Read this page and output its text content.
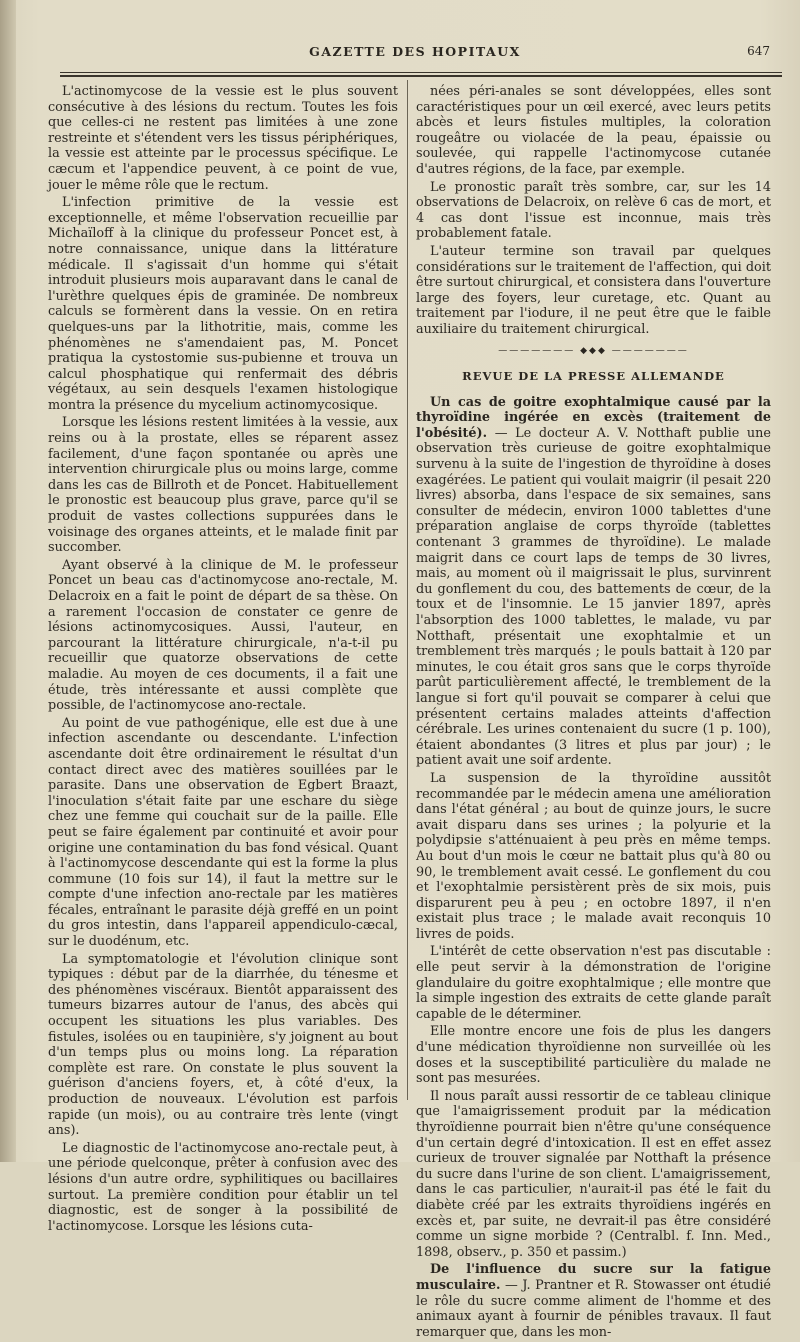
GAZETTE DES HOPITAUX	647

L'actinomycose de la vessie est le plus souvent consécutive à des lésions du rectum. Toutes les fois que celles-ci ne restent pas limitées à une zone restreinte et s'étendent vers les tissus périphériques, la vessie est atteinte par le processus spécifique. Le cæcum et l'appendice peuvent, à ce point de vue, jouer le même rôle que le rectum.

L'infection primitive de la vessie est exceptionnelle, et même l'observation recueillie par Michaïloff à la clinique du professeur Poncet est, à notre connaissance, unique dans la littérature médicale. Il s'agissait d'un homme qui s'était introduit plusieurs mois auparavant dans le canal de l'urèthre quelques épis de graminée. De nombreux calculs se formèrent dans la vessie. On en retira quelques-uns par la lithotritie, mais, comme les phénomènes ne s'amendaient pas, M. Poncet pratiqua la cystostomie sus-pubienne et trouva un calcul phosphatique qui renfermait des débris végétaux, au sein desquels l'examen histologique montra la présence du mycelium actinomycosique.

Lorsque les lésions restent limitées à la vessie, aux reins ou à la prostate, elles se réparent assez facilement, d'une façon spontanée ou après une intervention chirurgicale plus ou moins large, comme dans les cas de Billroth et de Poncet. Habituellement le pronostic est beaucoup plus grave, parce qu'il se produit de vastes collections suppurées dans le voisinage des organes atteints, et le malade finit par succomber.

Ayant observé à la clinique de M. le professeur Poncet un beau cas d'actinomycose ano-rectale, M. Delacroix en a fait le point de départ de sa thèse. On a rarement l'occasion de constater ce genre de lésions actinomycosiques. Aussi, l'auteur, en parcourant la littérature chirurgicale, n'a-t-il pu recueillir que quatorze observations de cette maladie. Au moyen de ces documents, il a fait une étude, très intéressante et aussi complète que possible, de l'actinomycose ano-rectale.

Au point de vue pathogénique, elle est due à une infection ascendante ou descendante. L'infection ascendante doit être ordinairement le résultat d'un contact direct avec des matières souillées par le parasite. Dans une observation de Egbert Braazt, l'inoculation s'était faite par une eschare du siège chez une femme qui couchait sur de la paille. Elle peut se faire également par continuité et avoir pour origine une contamination du bas fond vésical. Quant à l'actinomycose descendante qui est la forme la plus commune (10 fois sur 14), il faut la mettre sur le compte d'une infection ano-rectale par les matières fécales, entraînant le parasite déjà greffé en un point du gros intestin, dans l'appareil appendiculo-cæcal, sur le duodénum, etc.

La symptomatologie et l'évolution clinique sont typiques : début par de la diarrhée, du ténesme et des phénomènes viscéraux. Bientôt apparaissent des tumeurs bizarres autour de l'anus, des abcès qui occupent les situations les plus variables. Des fistules, isolées ou en taupinière, s'y joignent au bout d'un temps plus ou moins long. La réparation complète est rare. On constate le plus souvent la guérison d'anciens foyers, et, à côté d'eux, la production de nouveaux. L'évolution est parfois rapide (un mois), ou au contraire très lente (vingt ans).

Le diagnostic de l'actinomycose ano-rectale peut, à une période quelconque, prêter à confusion avec des lésions d'un autre ordre, syphilitiques ou bacillaires surtout. La première condition pour établir un tel diagnostic, est de songer à la possibilité de l'actinomycose. Lorsque les lésions cuta-

nées péri-anales se sont développées, elles sont caractéristiques pour un œil exercé, avec leurs petits abcès et leurs fistules multiples, la coloration rougeâtre ou violacée de la peau, épaissie ou soulevée, qui rappelle l'actinomycose cutanée d'autres régions, de la face, par exemple.

Le pronostic paraît très sombre, car, sur les 14 observations de Delacroix, on relève 6 cas de mort, et 4 cas dont l'issue est inconnue, mais très probablement fatale.

L'auteur termine son travail par quelques considérations sur le traitement de l'affection, qui doit être surtout chirurgical, et consistera dans l'ouverture large des foyers, leur curetage, etc. Quant au traitement par l'iodure, il ne peut être que le faible auxiliaire du traitement chirurgical.

——————— ◆◆◆ ———————
REVUE DE LA PRESSE ALLEMANDE

Un cas de goitre exophtalmique causé par la thyroïdine ingérée en excès (traitement de l'obésité). — Le docteur A. V. Notthaft publie une observation très curieuse de goitre exophtalmique survenu à la suite de l'ingestion de thyroïdine à doses exagérées. Le patient qui voulait maigrir (il pesait 220 livres) absorba, dans l'espace de six semaines, sans consulter de médecin, environ 1000 tablettes d'une préparation anglaise de corps thyroïde (tablettes contenant 3 grammes de thyroïdine). Le malade maigrit dans ce court laps de temps de 30 livres, mais, au moment où il maigrissait le plus, survinrent du gonflement du cou, des battements de cœur, de la toux et de l'insomnie. Le 15 janvier 1897, après l'absorption des 1000 tablettes, le malade, vu par Notthaft, présentait une exophtalmie et un tremblement très marqués ; le pouls battait à 120 par minutes, le cou était gros sans que le corps thyroïde parût particulièrement affecté, le tremblement de la langue si fort qu'il pouvait se comparer à celui que présentent certains malades atteints d'affection cérébrale. Les urines contenaient du sucre (1 p. 100), étaient abondantes (3 litres et plus par jour) ; le patient avait une soif ardente.

La suspension de la thyroïdine aussitôt recommandée par le médecin amena une amélioration dans l'état général ; au bout de quinze jours, le sucre avait disparu dans ses urines ; la polyurie et la polydipsie s'atténuaient à peu près en même temps. Au bout d'un mois le cœur ne battait plus qu'à 80 ou 90, le tremblement avait cessé. Le gonflement du cou et l'exophtalmie persistèrent près de six mois, puis disparurent peu à peu ; en octobre 1897, il n'en existait plus trace ; le malade avait reconquis 10 livres de poids.

L'intérêt de cette observation n'est pas discutable : elle peut servir à la démonstration de l'origine glandulaire du goitre exophtalmique ; elle montre que la simple ingestion des extraits de cette glande paraît capable de le déterminer.

Elle montre encore une fois de plus les dangers d'une médication thyroïdienne non surveillée où les doses et la susceptibilité particulière du malade ne sont pas mesurées.

Il nous paraît aussi ressortir de ce tableau clinique que l'amaigrissement produit par la médication thyroïdienne pourrait bien n'être qu'une conséquence d'un certain degré d'intoxication. Il est en effet assez curieux de trouver signalée par Notthaft la présence du sucre dans l'urine de son client. L'amaigrissement, dans le cas particulier, n'aurait-il pas été le fait du diabète créé par les extraits thyroïdiens ingérés en excès et, par suite, ne devrait-il pas être considéré comme un signe morbide ? (Centralbl. f. Inn. Med., 1898, observ., p. 350 et passim.)

De l'influence du sucre sur la fatigue musculaire. — J. Prantner et R. Stowasser ont étudié le rôle du sucre comme aliment de l'homme et des animaux ayant à fournir de pénibles travaux. Il faut remarquer que, dans les mon-
